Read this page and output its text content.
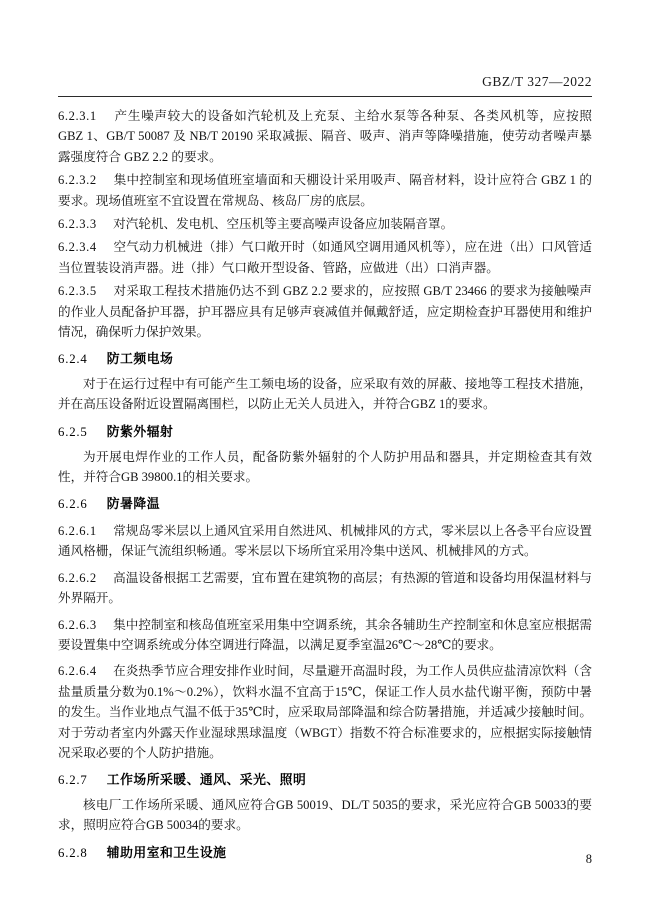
GBZ/T 327—2022

6.2.3.1 产生噪声较大的设备如汽轮机及上充泵、主给水泵等各种泵、各类风机等，应按照 GBZ 1、GB/T 50087 及 NB/T 20190 采取减振、隔音、吸声、消声等降噪措施，使劳动者噪声暴露强度符合 GBZ 2.2 的要求。

6.2.3.2 集中控制室和现场值班室墙面和天棚设计采用吸声、隔音材料，设计应符合 GBZ 1 的要求。现场值班室不宜设置在常规岛、核岛厂房的底层。

6.2.3.3 对汽轮机、发电机、空压机等主要高噪声设备应加装隔音罩。

6.2.3.4 空气动力机械进（排）气口敞开时（如通风空调用通风机等），应在进（出）口风管适当位置装设消声器。进（排）气口敞开型设备、管路，应做进（出）口消声器。

6.2.3.5 对采取工程技术措施仍达不到 GBZ 2.2 要求的，应按照 GB/T 23466 的要求为接触噪声的作业人员配备护耳器，护耳器应具有足够声衰减值并佩戴舒适，应定期检查护耳器使用和维护情况，确保听力保护效果。

6.2.4 防工频电场

对于在运行过程中有可能产生工频电场的设备，应采取有效的屏蔽、接地等工程技术措施，并在高压设备附近设置隔离围栏，以防止无关人员进入，并符合GBZ 1的要求。

6.2.5 防紫外辐射

为开展电焊作业的工作人员，配备防紫外辐射的个人防护用品和器具，并定期检查其有效性，并符合GB 39800.1的相关要求。

6.2.6 防暑降温

6.2.6.1 常规岛零米层以上通风宜采用自然进风、机械排风的方式，零米层以上各층平台应设置通风格栅，保证气流组织畅通。零米层以下场所宜采用冷集中送风、机械排风的方式。

6.2.6.2 高温设备根据工艺需要，宜布置在建筑物的高层；有热源的管道和设备均用保温材料与外界隔开。

6.2.6.3 集中控制室和核岛值班室采用集中空调系统，其余各辅助生产控制室和休息室应根据需要设置集中空调系统或分体空调进行降温，以满足夏季室温26℃～28℃的要求。

6.2.6.4 在炎热季节应合理安排作业时间，尽量避开高温时段，为工作人员供应盐清凉饮料（含盐量质量分数为0.1%～0.2%），饮料水温不宜高于15℃，保证工作人员水盐代谢平衡，预防中暑的发生。当作业地点气温不低于35℃时，应采取局部降温和综合防暑措施，并适减少接触时间。对于劳动者室内外露天作业湿球黑球温度（WBGT）指数不符合标准要求的，应根据实际接触情况采取必要的个人防护措施。

6.2.7 工作场所采暖、通风、采光、照明

核电厂工作场所采暖、通风应符合GB 50019、DL/T 5035的要求，采光应符合GB 50033的要求，照明应符合GB 50034的要求。

6.2.8 辅助用室和卫生设施	8
